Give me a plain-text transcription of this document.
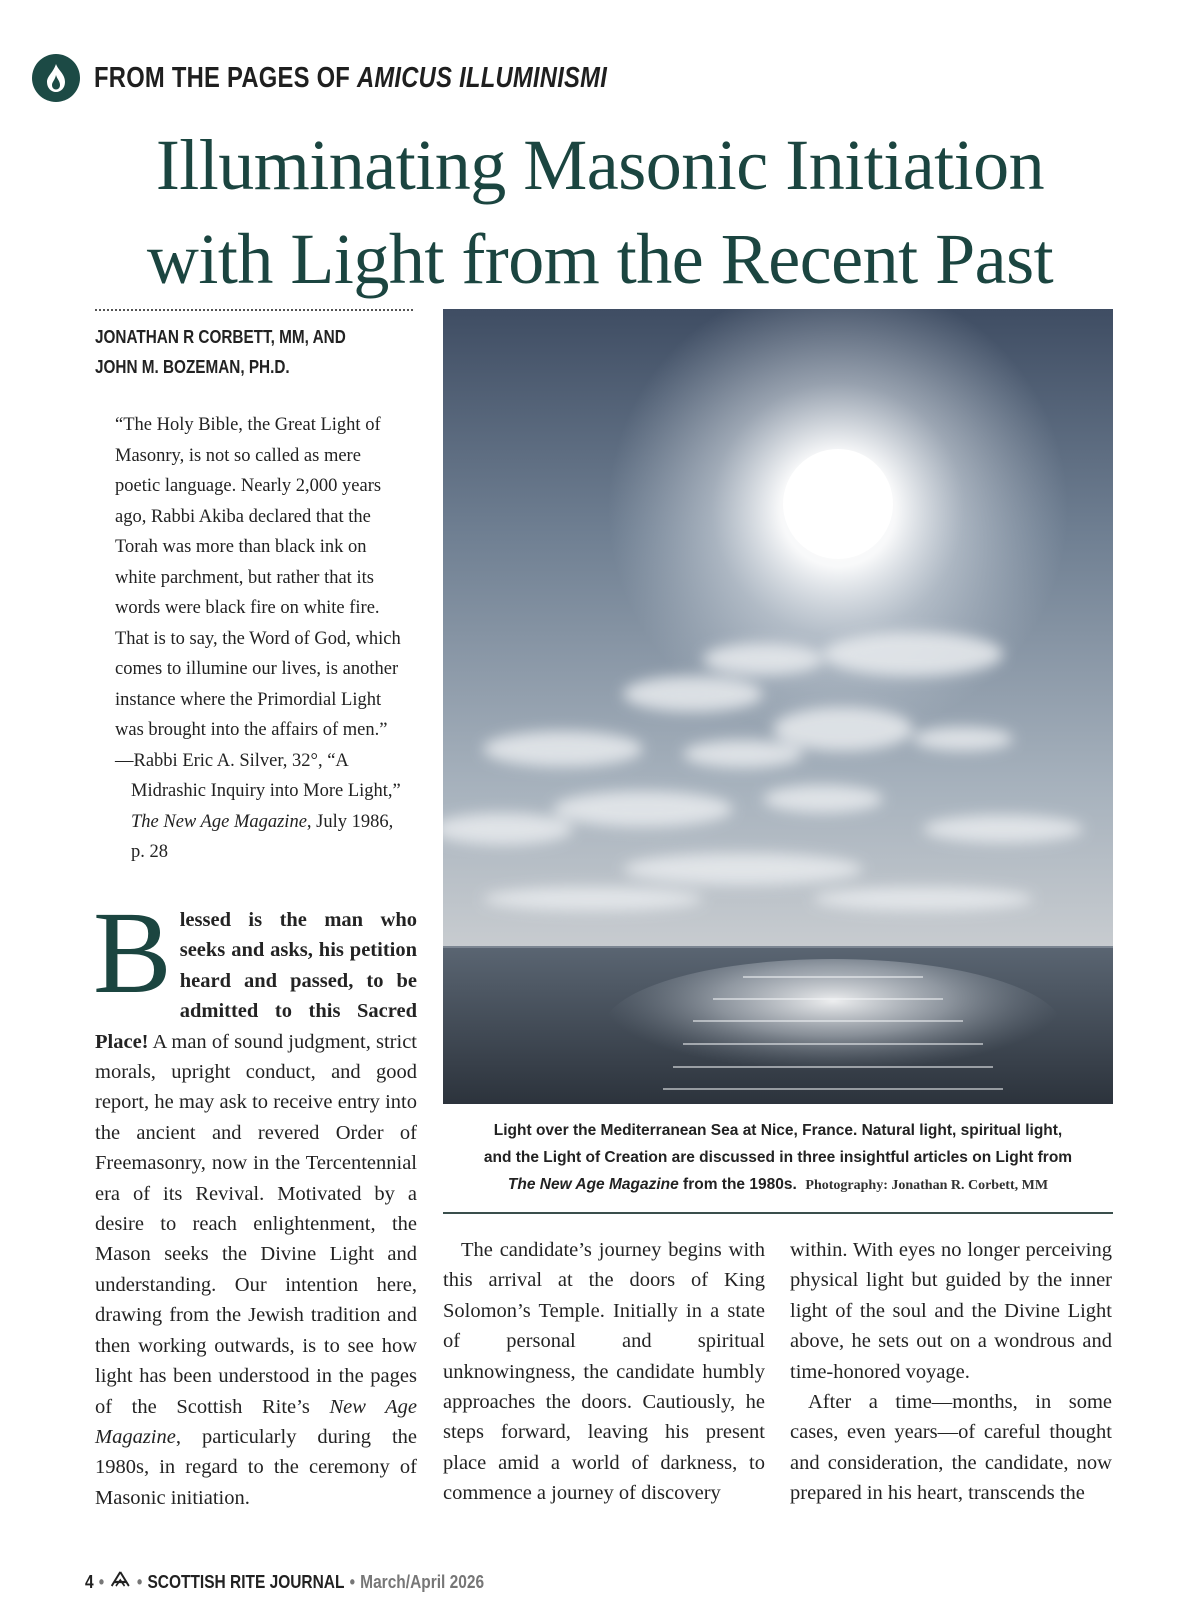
FROM THE PAGES OF AMICUS ILLUMINISMI
Illuminating Masonic Initiation
with Light from the Recent Past
JONATHAN R CORBETT, MM, AND
JOHN M. BOZEMAN, PH.D.

“The Holy Bible, the Great Light of Masonry, is not so called as mere poetic language. Nearly 2,000 years ago, Rabbi Akiba declared that the Torah was more than black ink on white parchment, but rather that its words were black fire on white fire. That is to say, the Word of God, which comes to illumine our lives, is another instance where the Primordial Light was brought into the affairs of men.”

—Rabbi Eric A. Silver, 32°, “A Midrashic Inquiry into More Light,” The New Age Magazine, July 1986, p. 28

Blessed is the man who seeks and asks, his petition heard and passed, to be admitted to this Sacred Place! A man of sound judgment, strict morals, upright conduct, and good report, he may ask to receive entry into the ancient and revered Order of Freemasonry, now in the Tercentennial era of its Revival. Motivated by a desire to reach enlightenment, the Mason seeks the Divine Light and understanding. Our intention here, drawing from the Jewish tradition and then working outwards, is to see how light has been understood in the pages of the Scottish Rite’s New Age Magazine, particularly during the 1980s, in regard to the ceremony of Masonic initiation.
Light over the Mediterranean Sea at Nice, France. Natural light, spiritual light,
and the Light of Creation are discussed in three insightful articles on Light from
The New Age Magazine from the 1980s. Photography: Jonathan R. Corbett, MM

The candidate’s journey begins with this arrival at the doors of King Solomon’s Temple. Initially in a state of personal and spiritual unknowingness, the candidate humbly approaches the doors. Cautiously, he steps forward, leaving his present place amid a world of darkness, to commence a journey of discovery

within. With eyes no longer perceiving physical light but guided by the inner light of the soul and the Divine Light above, he sets out on a wondrous and time-honored voyage.

After a time—months, in some cases, even years—of careful thought and consideration, the candidate, now prepared in his heart, transcends the

4 • • SCOTTISH RITE JOURNAL • March/April 2026
